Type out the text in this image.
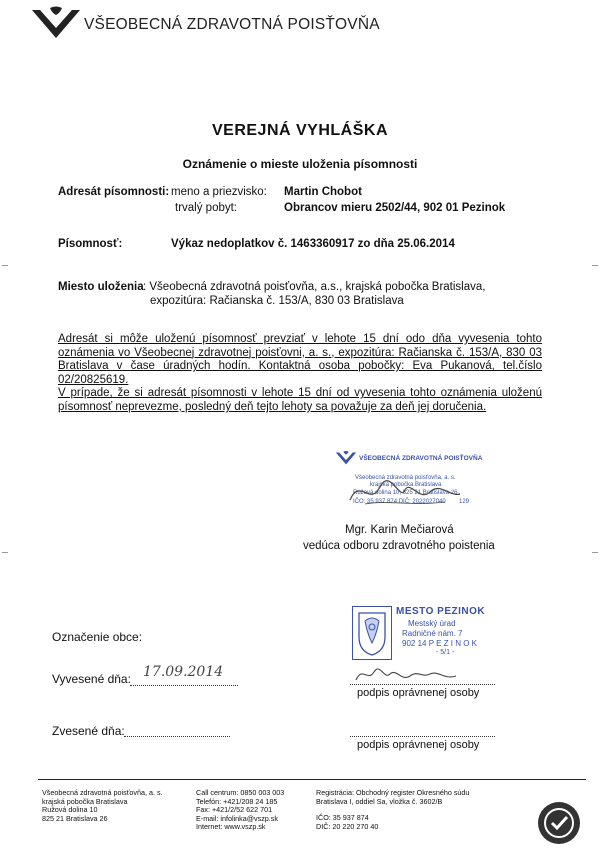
VŠEOBECNÁ ZDRAVOTNÁ POISŤOVŇA
VEREJNÁ VYHLÁŠKA
Oznámenie o mieste uloženia písomnosti
Adresát písomnosti: meno a priezvisko: Martin Chobot
trvalý pobyt:	Obrancov mieru 2502/44, 902 01 Pezinok
Písomnosť:	Výkaz nedoplatkov č. 1463360917 zo dňa 25.06.2014
Miesto uloženia : Všeobecná zdravotná poisťovňa, a.s., krajská pobočka Bratislava,
expozitúra: Račianska č. 153/A, 830 03 Bratislava

Adresát si môže uloženú písomnosť prevziať v lehote 15 dní odo dňa vyvesenia tohto oznámenia vo Všeobecnej zdravotnej poisťovni, a. s., expozitúra: Račianska č. 153/A, 830 03 Bratislava v čase úradných hodín. Kontaktná osoba pobočky: Eva Pukanová, tel.číslo 02/20825619.

V prípade, že si adresát písomnosti v lehote 15 dní od vyvesenia tohto oznámenia uloženú písomnosť neprevezme, posledný deň tejto lehoty sa považuje za deň jej doručenia.

VŠEOBECNÁ ZDRAVOTNÁ POISŤOVŇA
Všeobecná zdravotná poisťovňa, a. s.
krajská pobočka Bratislava
Ružová dolina 10, 825 21 Bratislava 26
IČO: 35 937 874 DIČ: 2022027040 129
Mgr. Karin Mečiarová
vedúca odboru zdravotného poistenia
MESTO PEZINOK
Mestský úrad
Radničné nám. 7
902 14 P E Z I N O K
- 5/1 -
Označenie obce:
Vyvesené dňa: 17.09.2014
podpis oprávnenej osoby
Zvesené dňa:
podpis oprávnenej osoby
Všeobecná zdravotná poisťovňa, a. s.
krajská pobočka Bratislava
Ružová dolina 10
825 21 Bratislava 26
Call centrum: 0850 003 003
Telefón: +421/208 24 185
Fax: +421/2/52 622 701
E-mail: infolinka@vszp.sk
Internet: www.vszp.sk
Registrácia: Obchodný register Okresného súdu
Bratislava I, oddiel Sa, vložka č. 3602/B
IČO: 35 937 874
DIČ: 20 220 270 40
